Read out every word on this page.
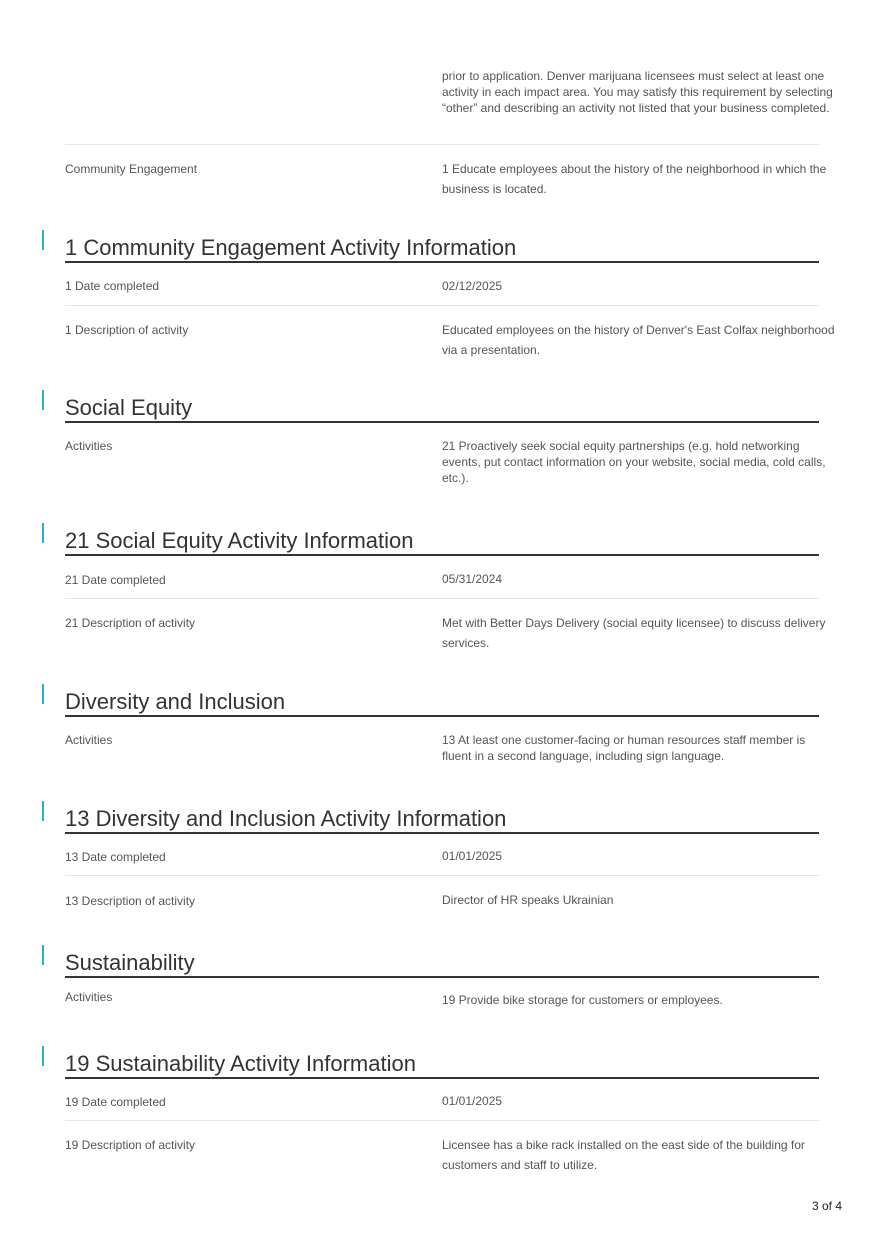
prior to application. Denver marijuana licensees must select at least one activity in each impact area. You may satisfy this requirement by selecting “other” and describing an activity not listed that your business completed.
Community Engagement	1 Educate employees about the history of the neighborhood in which the business is located.
1 Community Engagement Activity Information
1 Date completed	02/12/2025
1 Description of activity	Educated employees on the history of Denver's East Colfax neighborhood via a presentation.
Social Equity
Activities	21 Proactively seek social equity partnerships (e.g. hold networking events, put contact information on your website, social media, cold calls, etc.).
21 Social Equity Activity Information
21 Date completed	05/31/2024
21 Description of activity	Met with Better Days Delivery (social equity licensee) to discuss delivery services.
Diversity and Inclusion
Activities	13 At least one customer-facing or human resources staff member is fluent in a second language, including sign language.
13 Diversity and Inclusion Activity Information
13 Date completed	01/01/2025
13 Description of activity	Director of HR speaks Ukrainian
Sustainability
Activities	19 Provide bike storage for customers or employees.
19 Sustainability Activity Information
19 Date completed	01/01/2025
19 Description of activity	Licensee has a bike rack installed on the east side of the building for customers and staff to utilize.
3 of 4
